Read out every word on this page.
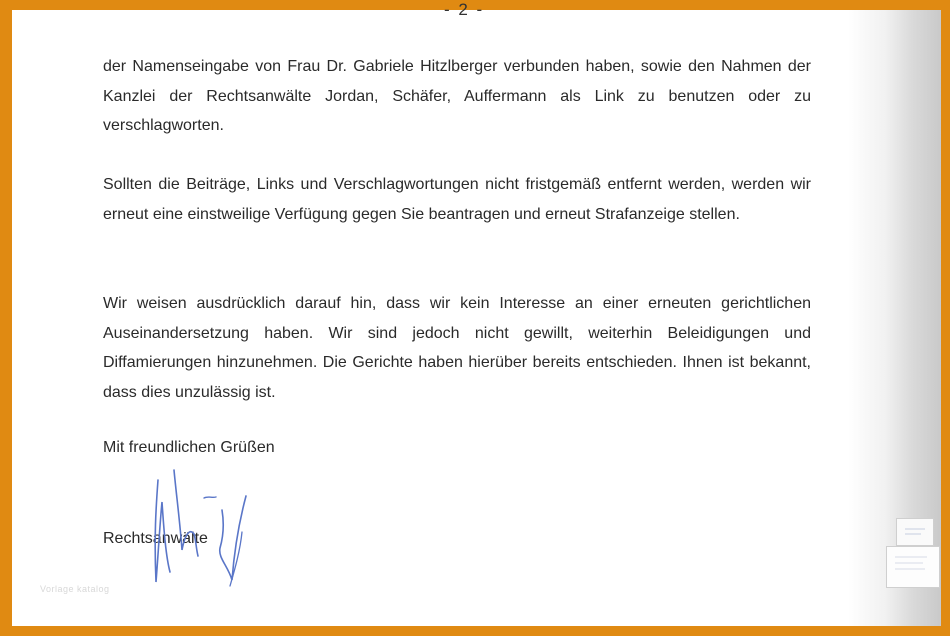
- 2 -

der Namenseingabe von Frau Dr. Gabriele Hitzlberger verbunden haben, sowie den Nahmen der Kanzlei der Rechtsanwälte Jordan, Schäfer, Auffermann als Link zu benutzen oder zu verschlagworten.

Sollten die Beiträge, Links und Verschlagwortungen nicht fristgemäß entfernt werden, werden wir erneut eine einstweilige Verfügung gegen Sie beantragen und erneut Strafanzeige stellen.

Wir weisen ausdrücklich darauf hin, dass wir kein Interesse an einer erneuten gerichtlichen Auseinandersetzung haben. Wir sind jedoch nicht gewillt, weiterhin Beleidigungen und Diffamierungen hinzunehmen. Die Gerichte haben hierüber bereits entschieden. Ihnen ist bekannt, dass dies unzulässig ist.

Mit freundlichen Grüßen
Rechtsanwälte
Vorlage katalog
